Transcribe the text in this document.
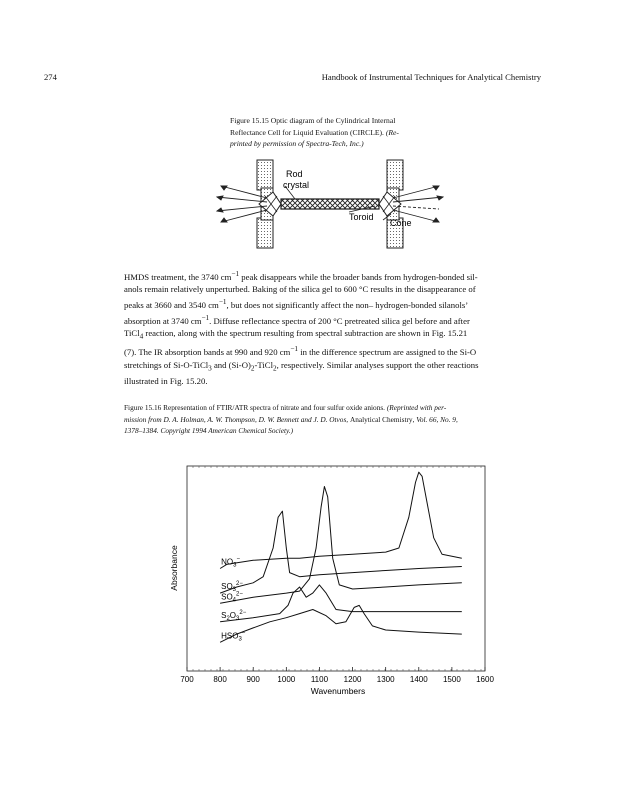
274	Handbook of Instrumental Techniques for Analytical Chemistry
Figure 15.15 Optic diagram of the Cylindrical Internal
Reflectance Cell for Liquid Evaluation (CIRCLE). (Re-
printed by permission of Spectra-Tech, Inc.)
Rod
crystal
Toroid
Cone
HMDS treatment, the 3740 $cm^{-1}$ peak disappears while the broader bands from hydrogen-bonded sil-
anols remain relatively unperturbed. Baking of the silica gel to 600 °C results in the disappearance of
peaks at 3660 and 3540 $cm^{-1}$, but does not significantly affect the non– hydrogen-bonded silanols’
absorption at 3740 $cm^{-1}$. Diffuse reflectance spectra of 200 °C pretreated silica gel before and after
TiCl$_4$ reaction, along with the spectrum resulting from spectral subtraction are shown in Fig. 15.21
(7). The IR absorption bands at 990 and 920 $cm^{-1}$ in the difference spectrum are assigned to the Si-O
stretchings of Si-O-TiCl$_3$ and $(Si-O)_2-TiCl_2$, respectively. Similar analyses support the other reactions
illustrated in Fig. 15.20.
Figure 15.16 Representation of FTIR/ATR spectra of nitrate and four sulfur oxide anions. (Reprinted with per-
mission from D. A. Holman, A. W. Thompson, D. W. Bennett and J. D. Otvos, Analytical Chemistry, Vol. 66, No. 9,
1378–1384. Copyright 1994 American Chemical Society.)
700 800 900 1000 1100 1200 1300 1400 1500 1600
$NO_3^-$
$SO_3^{2-}$
$SO_4^{2-}$
$S_2O_3^{2-}$
$HSO_3^-$
Wavenumbers
Absorbance
